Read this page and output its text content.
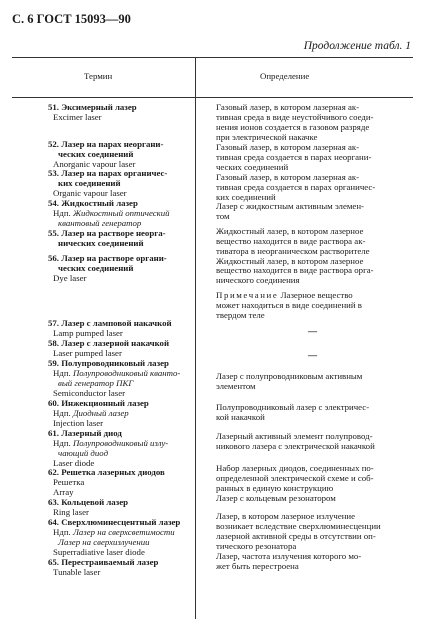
С. 6 ГОСТ 15093—90
Продолжение табл. 1
Термин	Определение
51. Эксимерный лазер
Excimer laser
52. Лазер на парах неоргани-
ческих соединений
Anorganic vapour laser
53. Лазер на парах органичес-
ких соединений
Organic vapour laser
54. Жидкостный лазер
Ндп. Жидкостный оптический
квантовый генератор
55. Лазер на растворе неорга-
нических соединений
56. Лазер на растворе органи-
ческих соединений
Dye laser
57. Лазер с ламповой накачкой
Lamp pumped laser
58. Лазер с лазерной накачкой
Laser pumped laser
59. Полупроводниковый лазер
Ндп. Полупроводниковый кванто-
вый генератор ПКГ
Semiconductor laser
60. Инжекционный лазер
Ндп. Диодный лазер
Injection laser
61. Лазерный диод
Ндп. Полупроводниковый излу-
чающий диод
Laser diode
62. Решетка лазерных диодов
Решетка
Array
63. Кольцевой лазер
Ring laser
64. Сверхлюминесцентный лазер
Ндп. Лазер на сверхсветимости
Лазер на сверхизлучении
Superradiative laser diode
65. Перестраиваемый лазер
Tunable laser
Газовый лазер, в котором лазерная ак-
тивная среда в виде неустойчивого соеди-
нения ионов создается в газовом разряде
при электрической накачке
Газовый лазер, в котором лазерная ак-
тивная среда создается в парах неоргани-
ческих соединений
Газовый лазер, в котором лазерная ак-
тивная среда создается в парах органичес-
ких соединений
Лазер с жидкостным активным элемен-
том
Жидкостный лазер, в котором лазерное
вещество находится в виде раствора ак-
тиватора в неорганическом растворителе
Жидкостный лазер, в котором лазерное
вещество находится в виде раствора орга-
нического соединения
Примечание Лазерное вещество
может находиться в виде соединений в
твердом теле
—
—
Лазер с полупроводниковым активным
элементом
Полупроводниковый лазер с электричес-
кой накачкой
Лазерный активный элемент полупровод-
никового лазера с электрической накачкой
Набор лазерных диодов, соединенных по-
определенной электрической схеме и соб-
ранных в единую конструкцию
Лазер с кольцевым резонатором
Лазер, в котором лазерное излучение
возникает вследствие сверхлюминесценции
лазерной активной среды в отсутствии оп-
тического резонатора
Лазер, частота излучения которого мо-
жет быть перестроена
